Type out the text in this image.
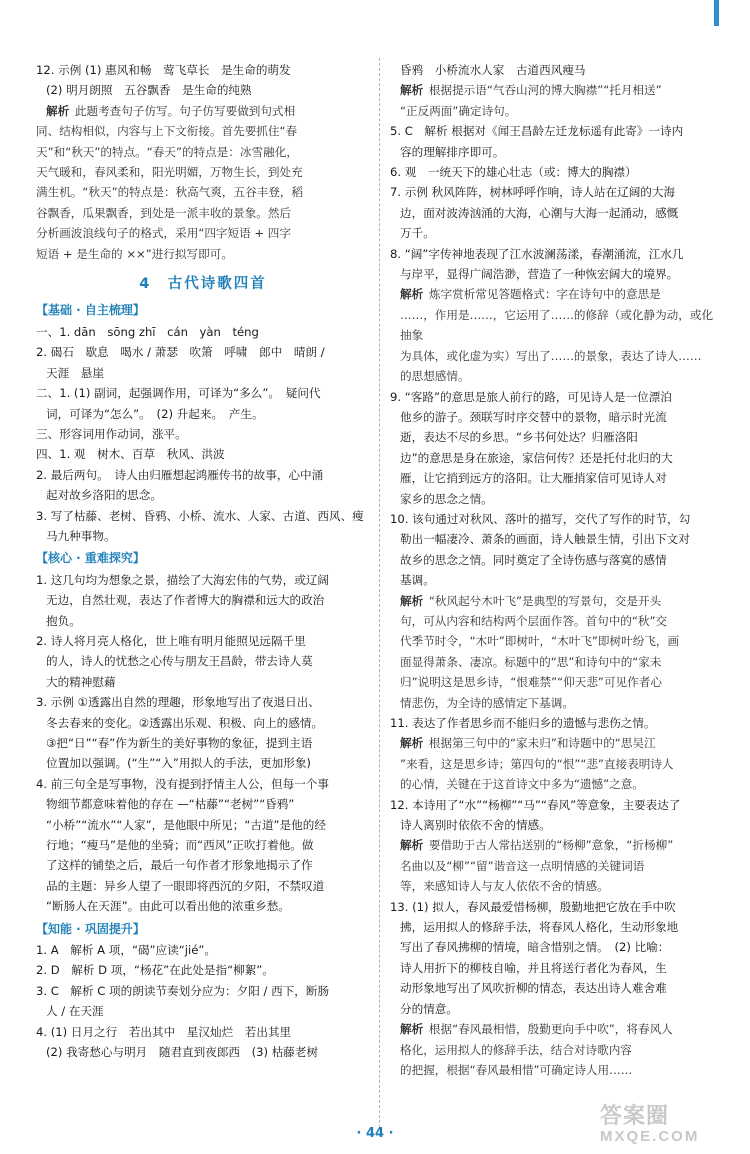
12. 示例 (1) 惠风和畅　莺飞草长　是生命的萌发

(2) 明月朗照　五谷飘香　是生命的纯熟

解析 此题考查句子仿写。句子仿写要做到句式相

同、结构相似，内容与上下文衔接。首先要抓住“春

天”和“秋天”的特点。“春天”的特点是：冰雪融化，

天气暖和，春风柔和，阳光明媚，万物生长，到处充

满生机。“秋天”的特点是：秋高气爽，五谷丰登，稻

谷飘香，瓜果飘香，到处是一派丰收的景象。然后

分析画波浪线句子的格式，采用“四字短语 + 四字

短语 + 是生命的 ××”进行拟写即可。

4　古代诗歌四首
【基础 · 自主梳理】

一、1. dān　sōng zhī　cán　yàn　téng

2. 碣石　歇息　喝水 / 萧瑟　吹箫　呼啸　郎中　晴朗 /

天涯　悬崖

二、1. (1) 副词，起强调作用，可译为“多么”。　疑问代

词，可译为“怎么”。　(2) 升起来。　产生。

三、形容词用作动词，涨平。

四、1. 观　树木、百草　秋风、洪波

2. 最后两句。　诗人由归雁想起鸿雁传书的故事，心中涌

起对故乡洛阳的思念。

3. 写了枯藤、老树、昏鸦、小桥、流水、人家、古道、西风、瘦

马九种事物。

【核心 · 重难探究】

1. 这几句均为想象之景，描绘了大海宏伟的气势，或辽阔

无边，自然壮观，表达了作者博大的胸襟和远大的政治

抱负。

2. 诗人将月亮人格化，世上唯有明月能照见远隔千里

的人，诗人的忧愁之心传与朋友王昌龄，带去诗人莫

大的精神慰藉

3. 示例 ①透露出自然的理趣，形象地写出了夜退日出、

冬去春来的变化。②透露出乐观、积极、向上的感情。

③把“日”“春”作为新生的美好事物的象征，提到主语

位置加以强调。(“生”“入”用拟人的手法，更加形象)

4. 前三句全是写事物，没有提到抒情主人公，但每一个事

物细节都意味着他的存在 —“枯藤”“老树”“昏鸦”

“小桥”“流水”“人家”，是他眼中所见；“古道”是他的经

行地；“瘦马”是他的坐骑；而“西风”正吹打着他。做

了这样的铺垫之后，最后一句作者才形象地揭示了作

品的主题：异乡人望了一眼即将西沉的夕阳，不禁叹道

“断肠人在天涯”。由此可以看出他的浓重乡愁。

【知能 · 巩固提升】

1. A　解析 A 项，“碣”应读“jié”。

2. D　解析 D 项，“杨花”在此处是指“柳絮”。

3. C　解析 C 项的朗读节奏划分应为：夕阳 / 西下，断肠

人 / 在天涯

4. (1) 日月之行　若出其中　星汉灿烂　若出其里

(2) 我寄愁心与明月　随君直到夜郎西　(3) 枯藤老树

昏鸦　小桥流水人家　古道西风瘦马

解析 根据提示语“气吞山河的博大胸襟”“托月相送”

“正反两面”确定诗句。

5. C　解析 根据对《闻王昌龄左迁龙标遥有此寄》一诗内

容的理解排序即可。

6. 观　一统天下的雄心壮志（或：博大的胸襟）

7. 示例 秋风阵阵，树林呼呼作响，诗人站在辽阔的大海

边，面对波涛汹涌的大海，心潮与大海一起涌动，感慨

万千。

8. “阔”字传神地表现了江水波澜荡漾，春潮涌流，江水几

与岸平，显得广阔浩渺，营造了一种恢宏阔大的境界。

解析 炼字赏析常见答题格式：字在诗句中的意思是

……，作用是……，它运用了……的修辞（或化静为动，或化抽象

为具体，或化虚为实）写出了……的景象，表达了诗人……

的思想感情。

9. “客路”的意思是旅人前行的路，可见诗人是一位漂泊

他乡的游子。颈联写时序交替中的景物，暗示时光流

逝，表达不尽的乡思。“乡书何处达？归雁洛阳

边”的意思是身在旅途，家信何传？还是托付北归的大

雁，让它捎到远方的洛阳。让大雁捎家信可见诗人对

家乡的思念之情。

10. 该句通过对秋风、落叶的描写，交代了写作的时节，勾

勒出一幅凄冷、萧条的画面，诗人触景生情，引出下文对

故乡的思念之情。同时奠定了全诗伤感与落寞的感情

基调。

解析 “秋风起兮木叶飞”是典型的写景句，交是开头

句，可从内容和结构两个层面作答。首句中的“秋”交

代季节时令，“木叶”即树叶，“木叶飞”即树叶纷飞，画

面显得萧条、凄凉。标题中的“思”和诗句中的“家未

归”说明这是思乡诗，“恨难禁”“仰天悲”可见作者心

情悲伤，为全诗的感情定下基调。

11. 表达了作者思乡而不能归乡的遗憾与悲伤之情。

解析 根据第三句中的“家未归”和诗题中的“思吴江

”来看，这是思乡诗；第四句的“恨”“悲”直接表明诗人

的心情，关键在于这首诗文中多为“遗憾”之意。

12. 本诗用了“水”“杨柳”“马”“春风”等意象，主要表达了

诗人离别时依依不舍的情感。

解析 要借助于古人常拈送别的“杨柳”意象，“折杨柳”

名曲以及“柳”“留”谐音这一点明情感的关键词语

等，来感知诗人与友人依依不舍的情感。

13. (1) 拟人，春风最爱惜杨柳，殷勤地把它放在手中吹

拂，运用拟人的修辞手法，将春风人格化，生动形象地

写出了春风拂柳的情境，暗含惜别之情。　(2) 比喻：

诗人用折下的柳枝自喻，并且将送行者化为春风，生

动形象地写出了风吹折柳的情态，表达出诗人难舍难

分的情意。

解析 根据“春风最相惜，殷勤更向手中吹”，将春风人

格化，运用拟人的修辞手法，结合对诗歌内容

的把握，根据“春风最相惜”可确定诗人用……

· 44 ·
答案圈
MXQE.COM
